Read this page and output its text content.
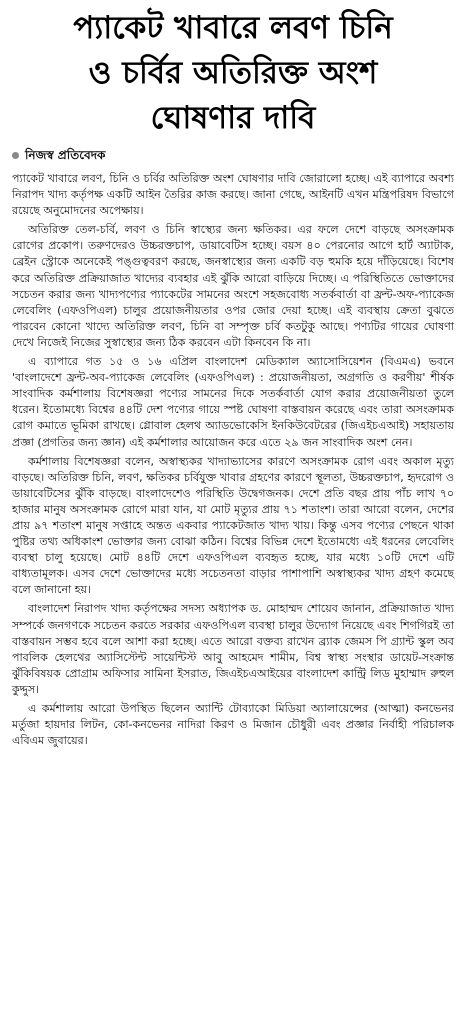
প্যাকেট খাবারে লবণ চিনি
ও চর্বির অতিরিক্ত অংশ
ঘোষণার দাবি
নিজস্ব প্রতিবেদক

প্যাকেট খাবারে লবণ, চিনি ও চর্বির অতিরিক্ত অংশ ঘোষণার দাবি জোরালো হচ্ছে। এই ব্যাপারে অবশ্য নিরাপদ খাদ্য কর্তৃপক্ষ একটি আইন তৈরির কাজ করছে। জানা গেছে, আইনটি এখন মন্ত্রিপরিষদ বিভাগে রয়েছে অনুমোদনের অপেক্ষায়।

অতিরিক্ত তেল-চর্বি, লবণ ও চিনি স্বাস্থ্যের জন্য ক্ষতিকর। এর ফলে দেশে বাড়ছে অসংক্রামক রোগের প্রকোপ। তরুণদেরও উচ্চরক্তচাপ, ডায়াবেটিস হচ্ছে। বয়স ৪০ পেরনোর আগে হার্ট অ্যাটাক, ব্রেইন স্ট্রোকে অনেকেই পঙ্গুত্ববরণ করছে, জনস্বাস্থ্যের জন্য একটি বড় হুমকি হয়ে দাঁড়িয়েছে। বিশেষ করে অতিরিক্ত প্রক্রিয়াজাত খাদ্যের ব্যবহার এই ঝুঁকি আরো বাড়িয়ে দিচ্ছে। এ পরিস্থিতিতে ভোক্তাদের সচেতন করার জন্য খাদ্যপণ্যের প্যাকেটের সামনের অংশে সহজবোধ্য সতর্কবার্তা বা ফ্রন্ট-অফ-প্যাকেজ লেবেলিং (এফওপিএল) চালুর প্রয়োজনীয়তার ওপর জোর দেয়া হচ্ছে। এই ব্যবস্থায় ক্রেতা বুঝতে পারবেন কোনো খাদ্যে অতিরিক্ত লবণ, চিনি বা সম্পৃক্ত চর্বি কতটুকু আছে। পণ্যটির গায়ের ঘোষণা দেখে নিজেই নিজের সুস্বাস্থ্যের জন্য ঠিক করবেন এটা কিনবেন কি না।

এ ব্যাপারে গত ১৫ ও ১৬ এপ্রিল বাংলাদেশ মেডিক্যাল অ্যাসোসিয়েশন (বিএমএ) ভবনে 'বাংলাদেশে ফ্রন্ট-অব-প্যাকেজ লেবেলিং (এফওপিএল) : প্রয়োজনীয়তা, অগ্রগতি ও করণীয়' শীর্ষক সাংবাদিক কর্মশালায় বিশেষজ্ঞরা পণ্যের সামনের দিকে সতর্কবার্তা যোগ করার প্রয়োজনীয়তা তুলে ধরেন। ইতোমধ্যে বিশ্বের ৪৪টি দেশ পণ্যের গায়ে স্পষ্ট ঘোষণা বাস্তবায়ন করেছে এবং তারা অসংক্রামক রোগ কমাতে ভূমিকা রাখছে। গ্লোবাল হেলথ অ্যাডভোকেসি ইনকিউবেটরের (জিএইচএআই) সহায়তায় প্রজ্ঞা (প্রগতির জন্য জ্ঞান) এই কর্মশালার আয়োজন করে এতে ২৯ জন সাংবাদিক অংশ নেন।

কর্মশালায় বিশেষজ্ঞরা বলেন, অস্বাস্থ্যকর খাদ্যাভ্যাসের কারণে অসংক্রামক রোগ এবং অকাল মৃত্যু বাড়ছে। অতিরিক্ত চিনি, লবণ, ক্ষতিকর চর্বিযুক্ত খাবার গ্রহণের কারণে স্থূলতা, উচ্চরক্তচাপ, হৃদরোগ ও ডায়াবেটিসের ঝুঁকি বাড়ছে। বাংলাদেশেও পরিস্থিতি উদ্বেগজনক। দেশে প্রতি বছর প্রায় পাঁচ লাখ ৭০ হাজার মানুষ অসংক্রামক রোগে মারা যান, যা মোট মৃত্যুর প্রায় ৭১ শতাংশ। তারা আরো বলেন, দেশের প্রায় ৯৭ শতাংশ মানুষ সপ্তাহে অন্তত একবার প্যাকেটজাত খাদ্য খায়। কিন্তু এসব পণ্যের পেছনে থাকা পুষ্টির তথ্য অধিকাংশ ভোক্তার জন্য বোঝা কঠিন। বিশ্বের বিভিন্ন দেশে ইতোমধ্যে এই ধরনের লেবেলিং ব্যবস্থা চালু হয়েছে। মোট ৪৪টি দেশে এফওপিএল ব্যবহৃত হচ্ছে, যার মধ্যে ১০টি দেশে এটি বাধ্যতামূলক। এসব দেশে ভোক্তাদের মধ্যে সচেতনতা বাড়ার পাশাপাশি অস্বাস্থ্যকর খাদ্য গ্রহণ কমেছে বলে জানানো হয়।

বাংলাদেশ নিরাপদ খাদ্য কর্তৃপক্ষের সদস্য অধ্যাপক ড. মোহাম্মদ শোয়েব জানান, প্রক্রিয়াজাত খাদ্য সম্পর্কে জনগণকে সচেতন করতে সরকার এফওপিএল ব্যবস্থা চালুর উদ্যোগ নিয়েছে এবং শিগগিরই তা বাস্তবায়ন সম্ভব হবে বলে আশা করা হচ্ছে। এতে আরো বক্তব্য রাখেন ব্র্যাক জেমস পি গ্র্যান্ট স্কুল অব পাবলিক হেলথের অ্যাসিস্টেন্ট সায়েন্টিস্ট আবু আহমেদ শামীম, বিশ্ব স্বাস্থ্য সংস্থার ডায়েট-সংক্রান্ত ঝুঁকিবিষয়ক প্রোগ্রাম অফিসার সামিনা ইসরাত, জিএইচএআইয়ের বাংলাদেশ কান্ট্রি লিড মুহাম্মাদ রুহুল কুদ্দুস।

এ কর্মশালায় আরো উপস্থিত ছিলেন অ্যান্টি টোব্যাকো মিডিয়া অ্যালায়েন্সের (আত্মা) কনভেনর মর্তুজা হায়দার লিটন, কো-কনভেনর নাদিরা কিরণ ও মিজান চৌধুরী এবং প্রজ্ঞার নির্বাহী পরিচালক এবিএম জুবায়ের।
